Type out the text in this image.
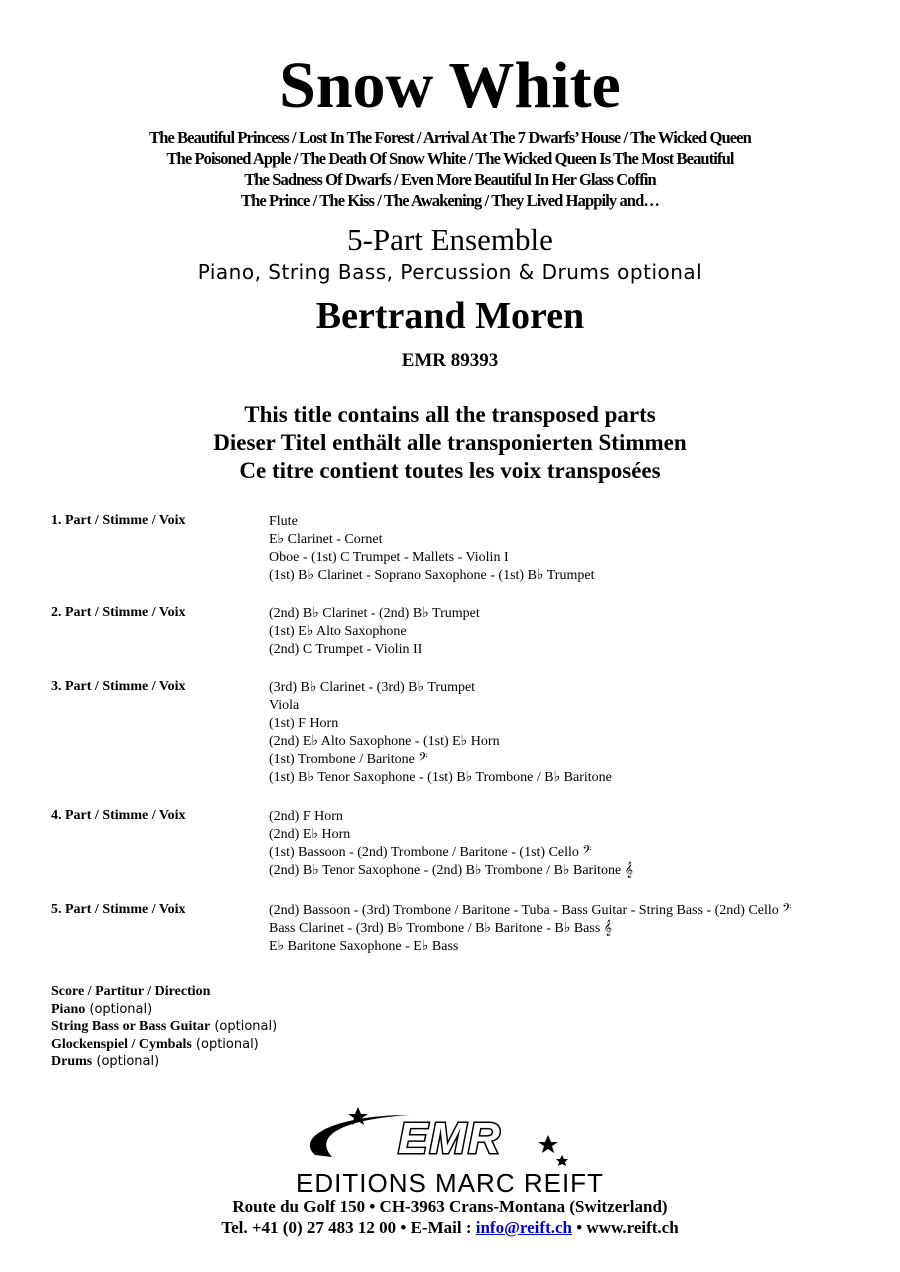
Snow White
The Beautiful Princess / Lost In The Forest / Arrival At The 7 Dwarfs’ House / The Wicked Queen
The Poisoned Apple / The Death Of Snow White / The Wicked Queen Is The Most Beautiful
The Sadness Of Dwarfs / Even More Beautiful In Her Glass Coffin
The Prince / The Kiss / The Awakening / They Lived Happily and…
5-Part Ensemble
Piano, String Bass, Percussion & Drums optional
Bertrand Moren
EMR 89393
This title contains all the transposed parts
Dieser Titel enthält alle transponierten Stimmen
Ce titre contient toutes les voix transposées
1. Part / Stimme / Voix	Flute
E♭ Clarinet - Cornet
Oboe - (1st) C Trumpet - Mallets - Violin I
(1st) B♭ Clarinet - Soprano Saxophone - (1st) B♭ Trumpet
2. Part / Stimme / Voix	(2nd) B♭ Clarinet - (2nd) B♭ Trumpet
(1st) E♭ Alto Saxophone
(2nd) C Trumpet - Violin II
3. Part / Stimme / Voix	(3rd) B♭ Clarinet - (3rd) B♭ Trumpet
Viola
(1st) F Horn
(2nd) E♭ Alto Saxophone - (1st) E♭ Horn
(1st) Trombone / Baritone 𝄢
(1st) B♭ Tenor Saxophone - (1st) B♭ Trombone / B♭ Baritone
4. Part / Stimme / Voix	(2nd) F Horn
(2nd) E♭ Horn
(1st) Bassoon - (2nd) Trombone / Baritone - (1st) Cello 𝄢
(2nd) B♭ Tenor Saxophone - (2nd) B♭ Trombone / B♭ Baritone 𝄞
5. Part / Stimme / Voix	(2nd) Bassoon - (3rd) Trombone / Baritone - Tuba - Bass Guitar - String Bass - (2nd) Cello 𝄢
Bass Clarinet - (3rd) B♭ Trombone / B♭ Baritone - B♭ Bass 𝄞
E♭ Baritone Saxophone - E♭ Bass
Score / Partitur / Direction
Piano (optional)
String Bass or Bass Guitar (optional)
Glockenspiel / Cymbals (optional)
Drums (optional)
EMR
EDITIONS MARC REIFT
Route du Golf 150 • CH-3963 Crans-Montana (Switzerland)
Tel. +41 (0) 27 483 12 00 • E-Mail : info@reift.ch • www.reift.ch
